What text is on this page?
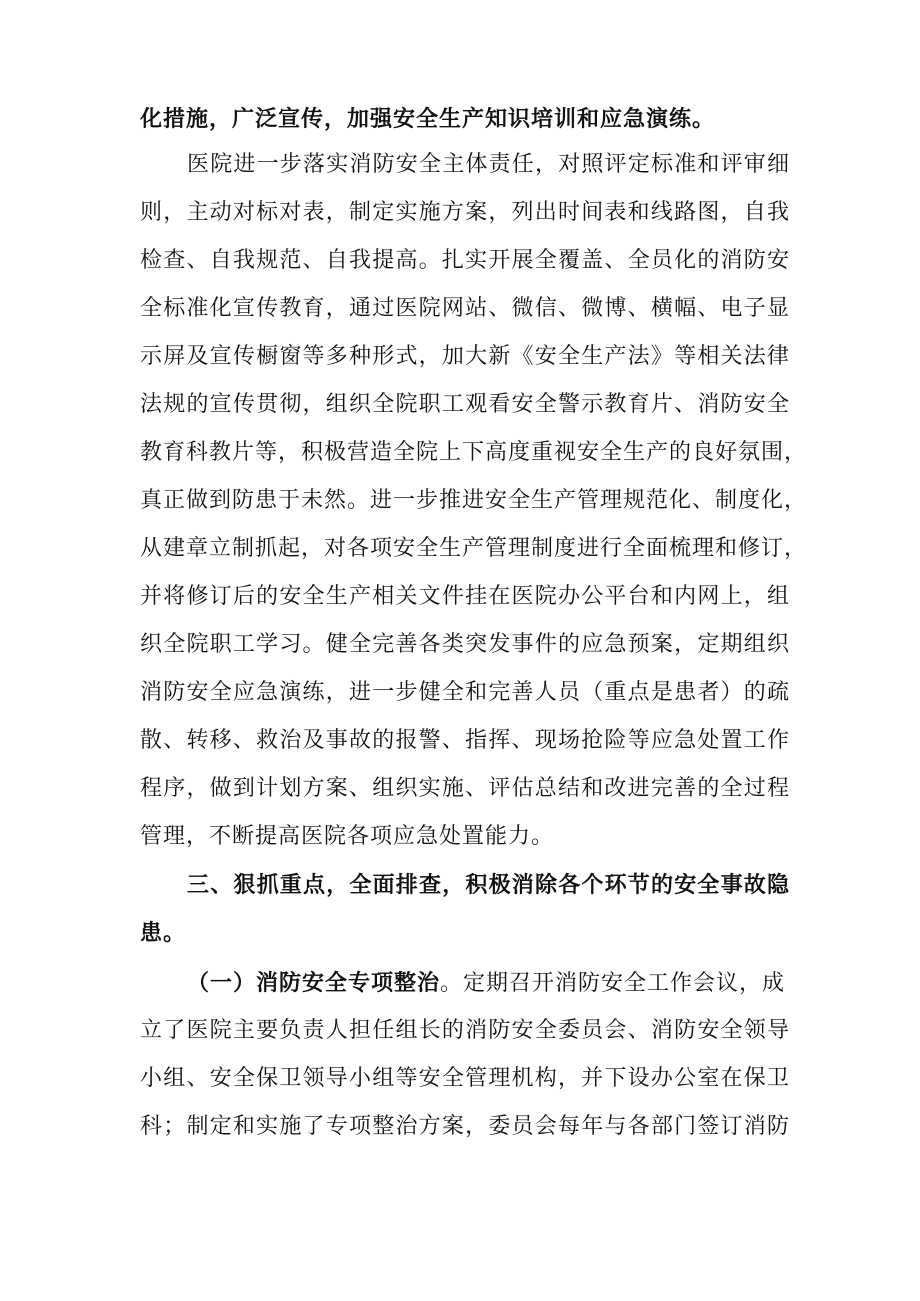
化措施，广泛宣传，加强安全生产知识培训和应急演练。
医院进一步落实消防安全主体责任，对照评定标准和评审细
则，主动对标对表，制定实施方案，列出时间表和线路图，自我
检查、自我规范、自我提高。扎实开展全覆盖、全员化的消防安
全标准化宣传教育，通过医院网站、微信、微博、横幅、电子显
示屏及宣传橱窗等多种形式，加大新《安全生产法》等相关法律
法规的宣传贯彻，组织全院职工观看安全警示教育片、消防安全
教育科教片等，积极营造全院上下高度重视安全生产的良好氛围，
真正做到防患于未然。进一步推进安全生产管理规范化、制度化，
从建章立制抓起，对各项安全生产管理制度进行全面梳理和修订，
并将修订后的安全生产相关文件挂在医院办公平台和内网上，组
织全院职工学习。健全完善各类突发事件的应急预案，定期组织
消防安全应急演练，进一步健全和完善人员（重点是患者）的疏
散、转移、救治及事故的报警、指挥、现场抢险等应急处置工作
程序，做到计划方案、组织实施、评估总结和改进完善的全过程
管理，不断提高医院各项应急处置能力。
三、狠抓重点，全面排查，积极消除各个环节的安全事故隐
患。
（一）消防安全专项整治。定期召开消防安全工作会议，成
立了医院主要负责人担任组长的消防安全委员会、消防安全领导
小组、安全保卫领导小组等安全管理机构，并下设办公室在保卫
科；制定和实施了专项整治方案，委员会每年与各部门签订消防
